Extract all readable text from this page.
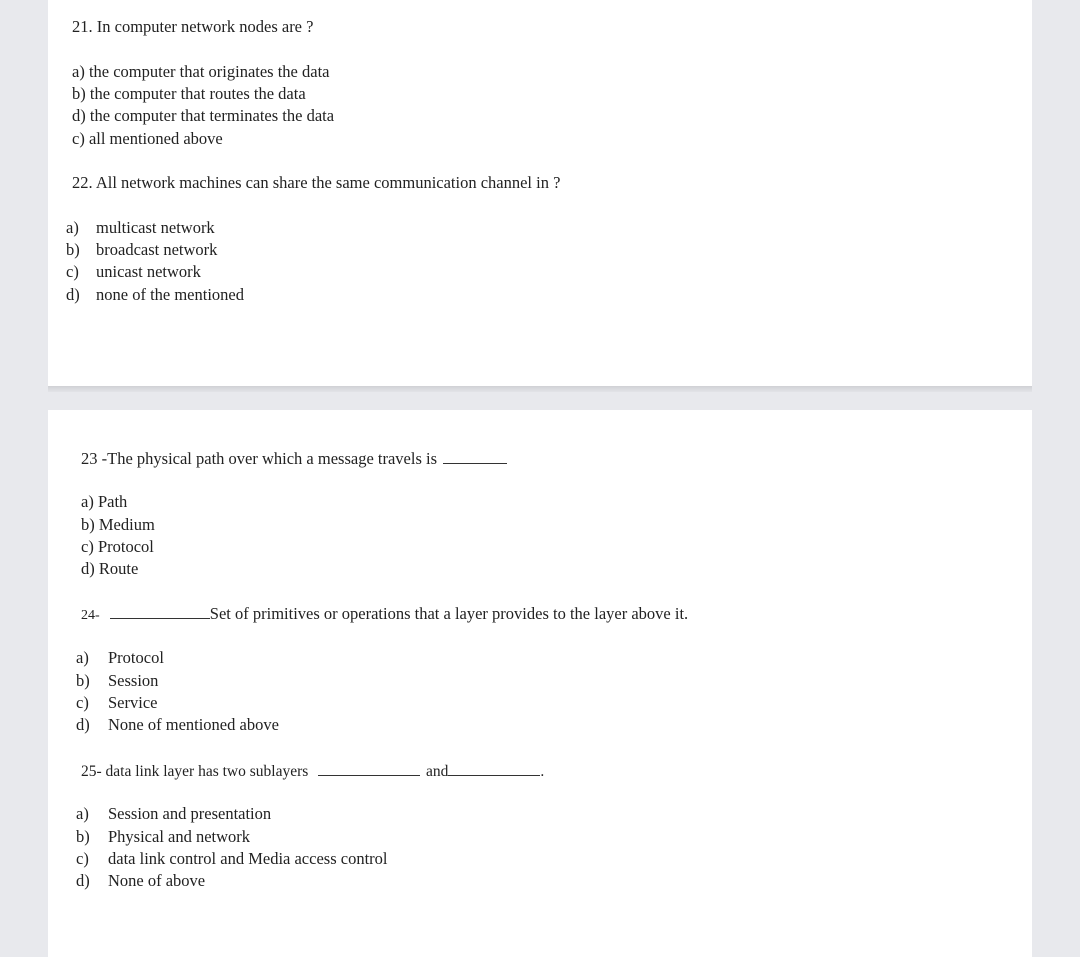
21. In computer network nodes are ?
a) the computer that originates the data
b) the computer that routes the data
d) the computer that terminates the data
c) all mentioned above
22. All network machines can share the same communication channel in ?
a) multicast network
b) broadcast network
c) unicast network
d) none of the mentioned
23 -The physical path over which a message travels is
a) Path
b) Medium
c) Protocol
d) Route
24-	Set of primitives or operations that a layer provides to the layer above it.
a) Protocol
b) Session
c) Service
d) None of mentioned above
25- data link layer has two sublayers	and	.
a) Session and presentation
b) Physical and network
c) data link control and Media access control
d) None of above
